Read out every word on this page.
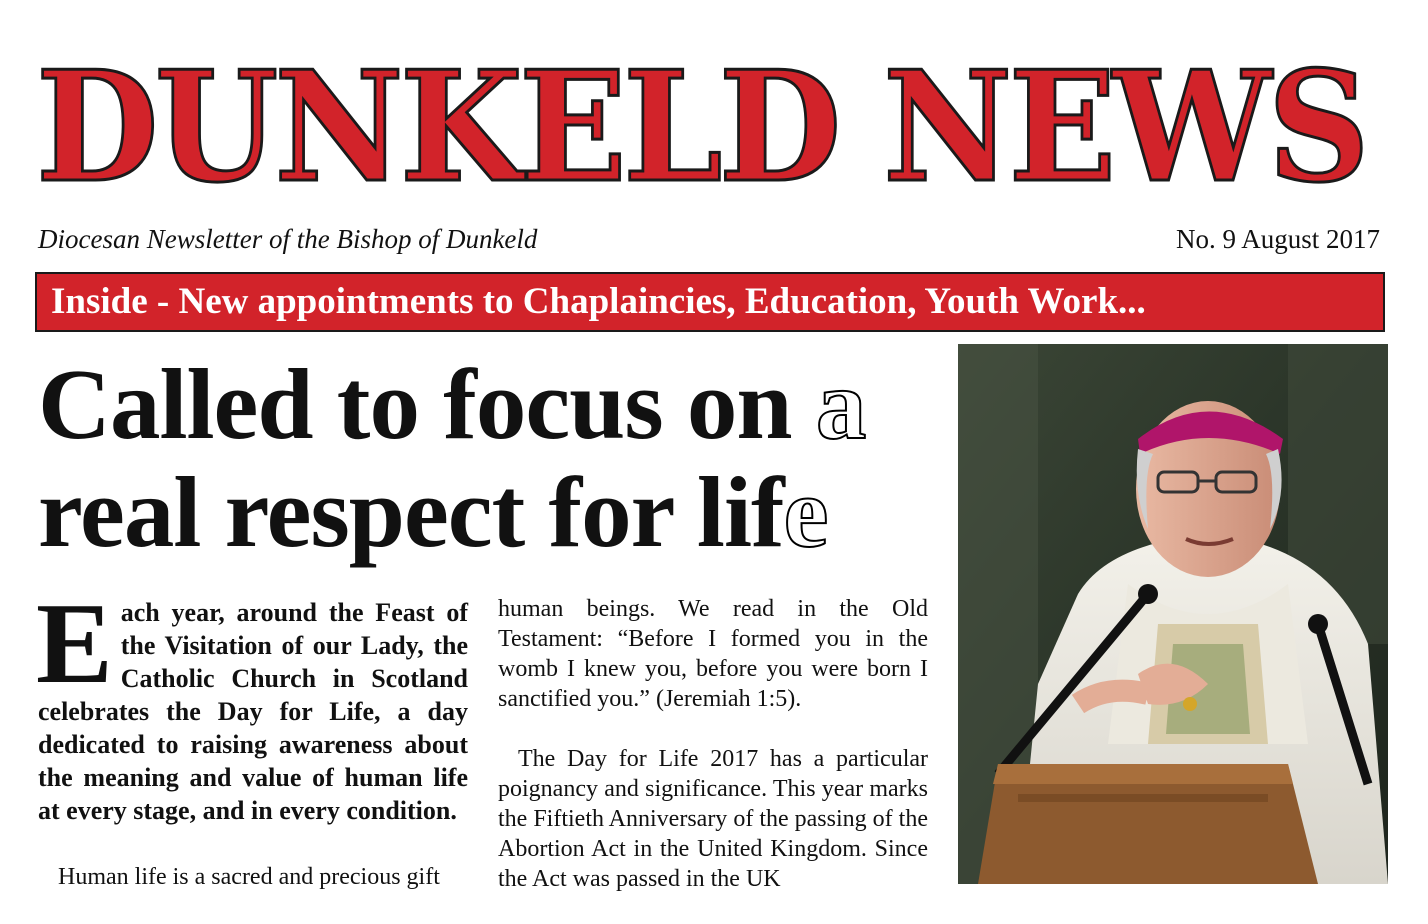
DUNKELD NEWS
Diocesan Newsletter of the Bishop of Dunkeld	No. 9 August 2017
Inside - New appointments to Chaplaincies, Education, Youth Work...
Called to focus on a
real respect for life
Each year, around the Feast of the Visitation of our Lady, the Catholic Church in Scotland celebrates the Day for Life, a day dedicated to raising awareness about the meaning and value of human life at every stage, and in every condition.
Human life is a sacred and precious gift

human beings. We read in the Old Testament: “Before I formed you in the womb I knew you, before you were born I sanctified you.” (Jeremiah 1:5).

The Day for Life 2017 has a particular poignancy and significance. This year marks the Fiftieth Anniversary of the passing of the Abortion Act in the United Kingdom. Since the Act was passed in the UK
